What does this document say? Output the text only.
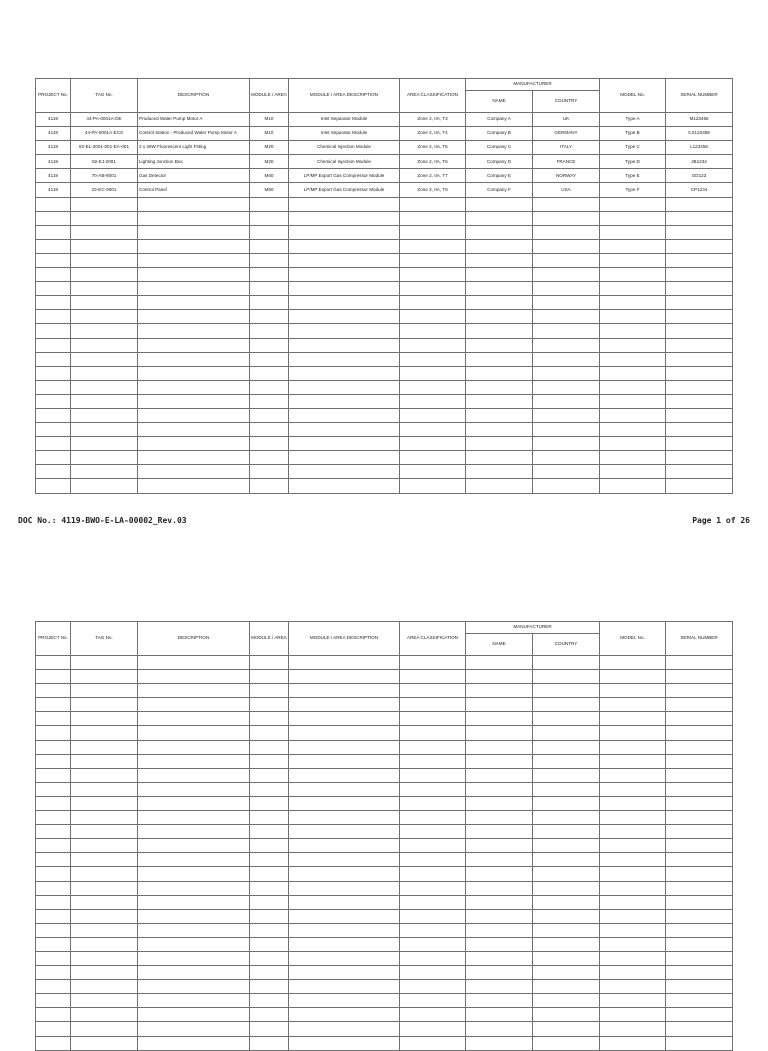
PROJECT No.	TAG No.	DESCRIPTION	MODULE / AREA	MODULE / AREA DESCRIPTION	AREA CLASSIFICATION	MANUFACTURER		MODEL No.	SERIAL NUMBER
						NAME	COUNTRY		
4119	44-PA-0001A-DE	Produced Water Pump Motor A	M10	Inlet Separator Module	Zone 2, IIA, T3	Company A	UK	Type A	M123456
4119	44-PA-0001A-ECS	Control Station - Produced Water Pump Motor A	M10	Inlet Separator Module	Zone 2, IIA, T4	Company B	GERMANY	Type B	CS123456
4119	82-EL-2001-001-EA-001	2 x 36W Fluorescent Light Fitting	M20	Chemical Injection Module	Zone 2, IIA, T5	Company C	ITALY	Type C	L123456
4119	92-EJ-2001	Lighting Junction Box	M20	Chemical Injection Module	Zone 2, IIA, T6	Company D	FRANCE	Type D	JB1234
4119	70-AB-9001	Gas Detector	M60	LP/MP Export Gas Compressor Module	Zone 2, IIA, T7	Company E	NORWAY	Type E	GD123
4119	23-EC-0001	Control Panel	M60	LP/MP Export Gas Compressor Module	Zone 2, IIA, T8	Company F	USA	Type F	CP1234

DOC No.: 4119-BWO-E-LA-00002_Rev.03	Page 1 of 26
PROJECT No.	TAG No.	DESCRIPTION	MODULE / AREA	MODULE / AREA DESCRIPTION	AREA CLASSIFICATION	MANUFACTURER		MODEL No.	SERIAL NUMBER
						NAME	COUNTRY		
